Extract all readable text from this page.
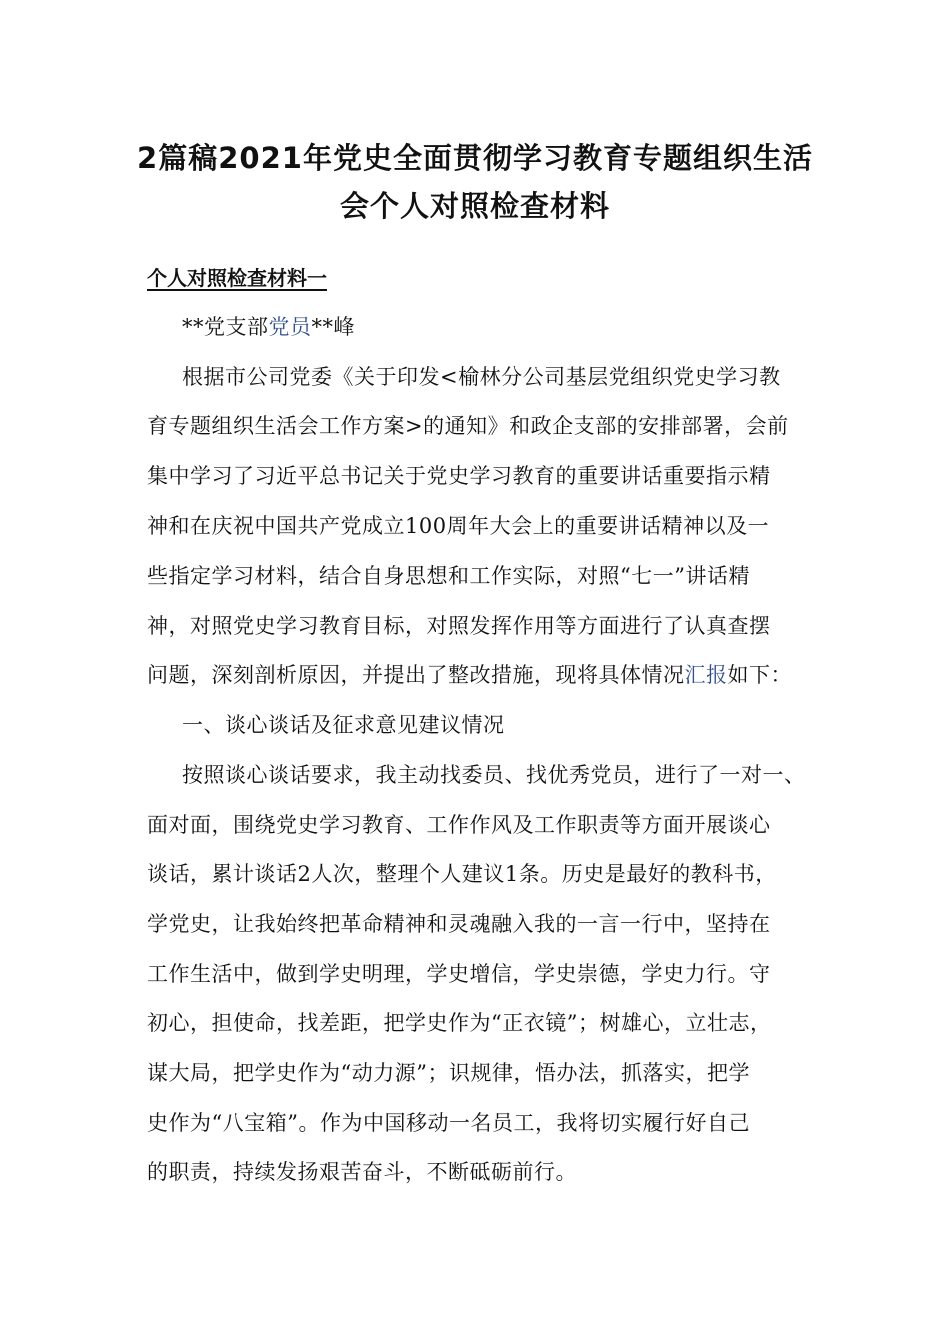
2篇稿2021年党史全面贯彻学习教育专题组织生活
会个人对照检查材料
个人对照检查材料一
**党支部党员**峰
根据市公司党委《关于印发<榆林分公司基层党组织党史学习教
育专题组织生活会工作方案>的通知》和政企支部的安排部署，会前
集中学习了习近平总书记关于党史学习教育的重要讲话重要指示精
神和在庆祝中国共产党成立100周年大会上的重要讲话精神以及一
些指定学习材料，结合自身思想和工作实际，对照“七一”讲话精
神，对照党史学习教育目标，对照发挥作用等方面进行了认真查摆
问题，深刻剖析原因，并提出了整改措施，现将具体情况汇报如下：
一、谈心谈话及征求意见建议情况
按照谈心谈话要求，我主动找委员、找优秀党员，进行了一对一、
面对面，围绕党史学习教育、工作作风及工作职责等方面开展谈心
谈话，累计谈话2人次，整理个人建议1条。历史是最好的教科书，
学党史，让我始终把革命精神和灵魂融入我的一言一行中，坚持在
工作生活中，做到学史明理，学史增信，学史崇德，学史力行。守
初心，担使命，找差距，把学史作为“正衣镜”；树雄心，立壮志，
谋大局，把学史作为“动力源”；识规律，悟办法，抓落实，把学
史作为“八宝箱”。作为中国移动一名员工，我将切实履行好自己
的职责，持续发扬艰苦奋斗，不断砥砺前行。
